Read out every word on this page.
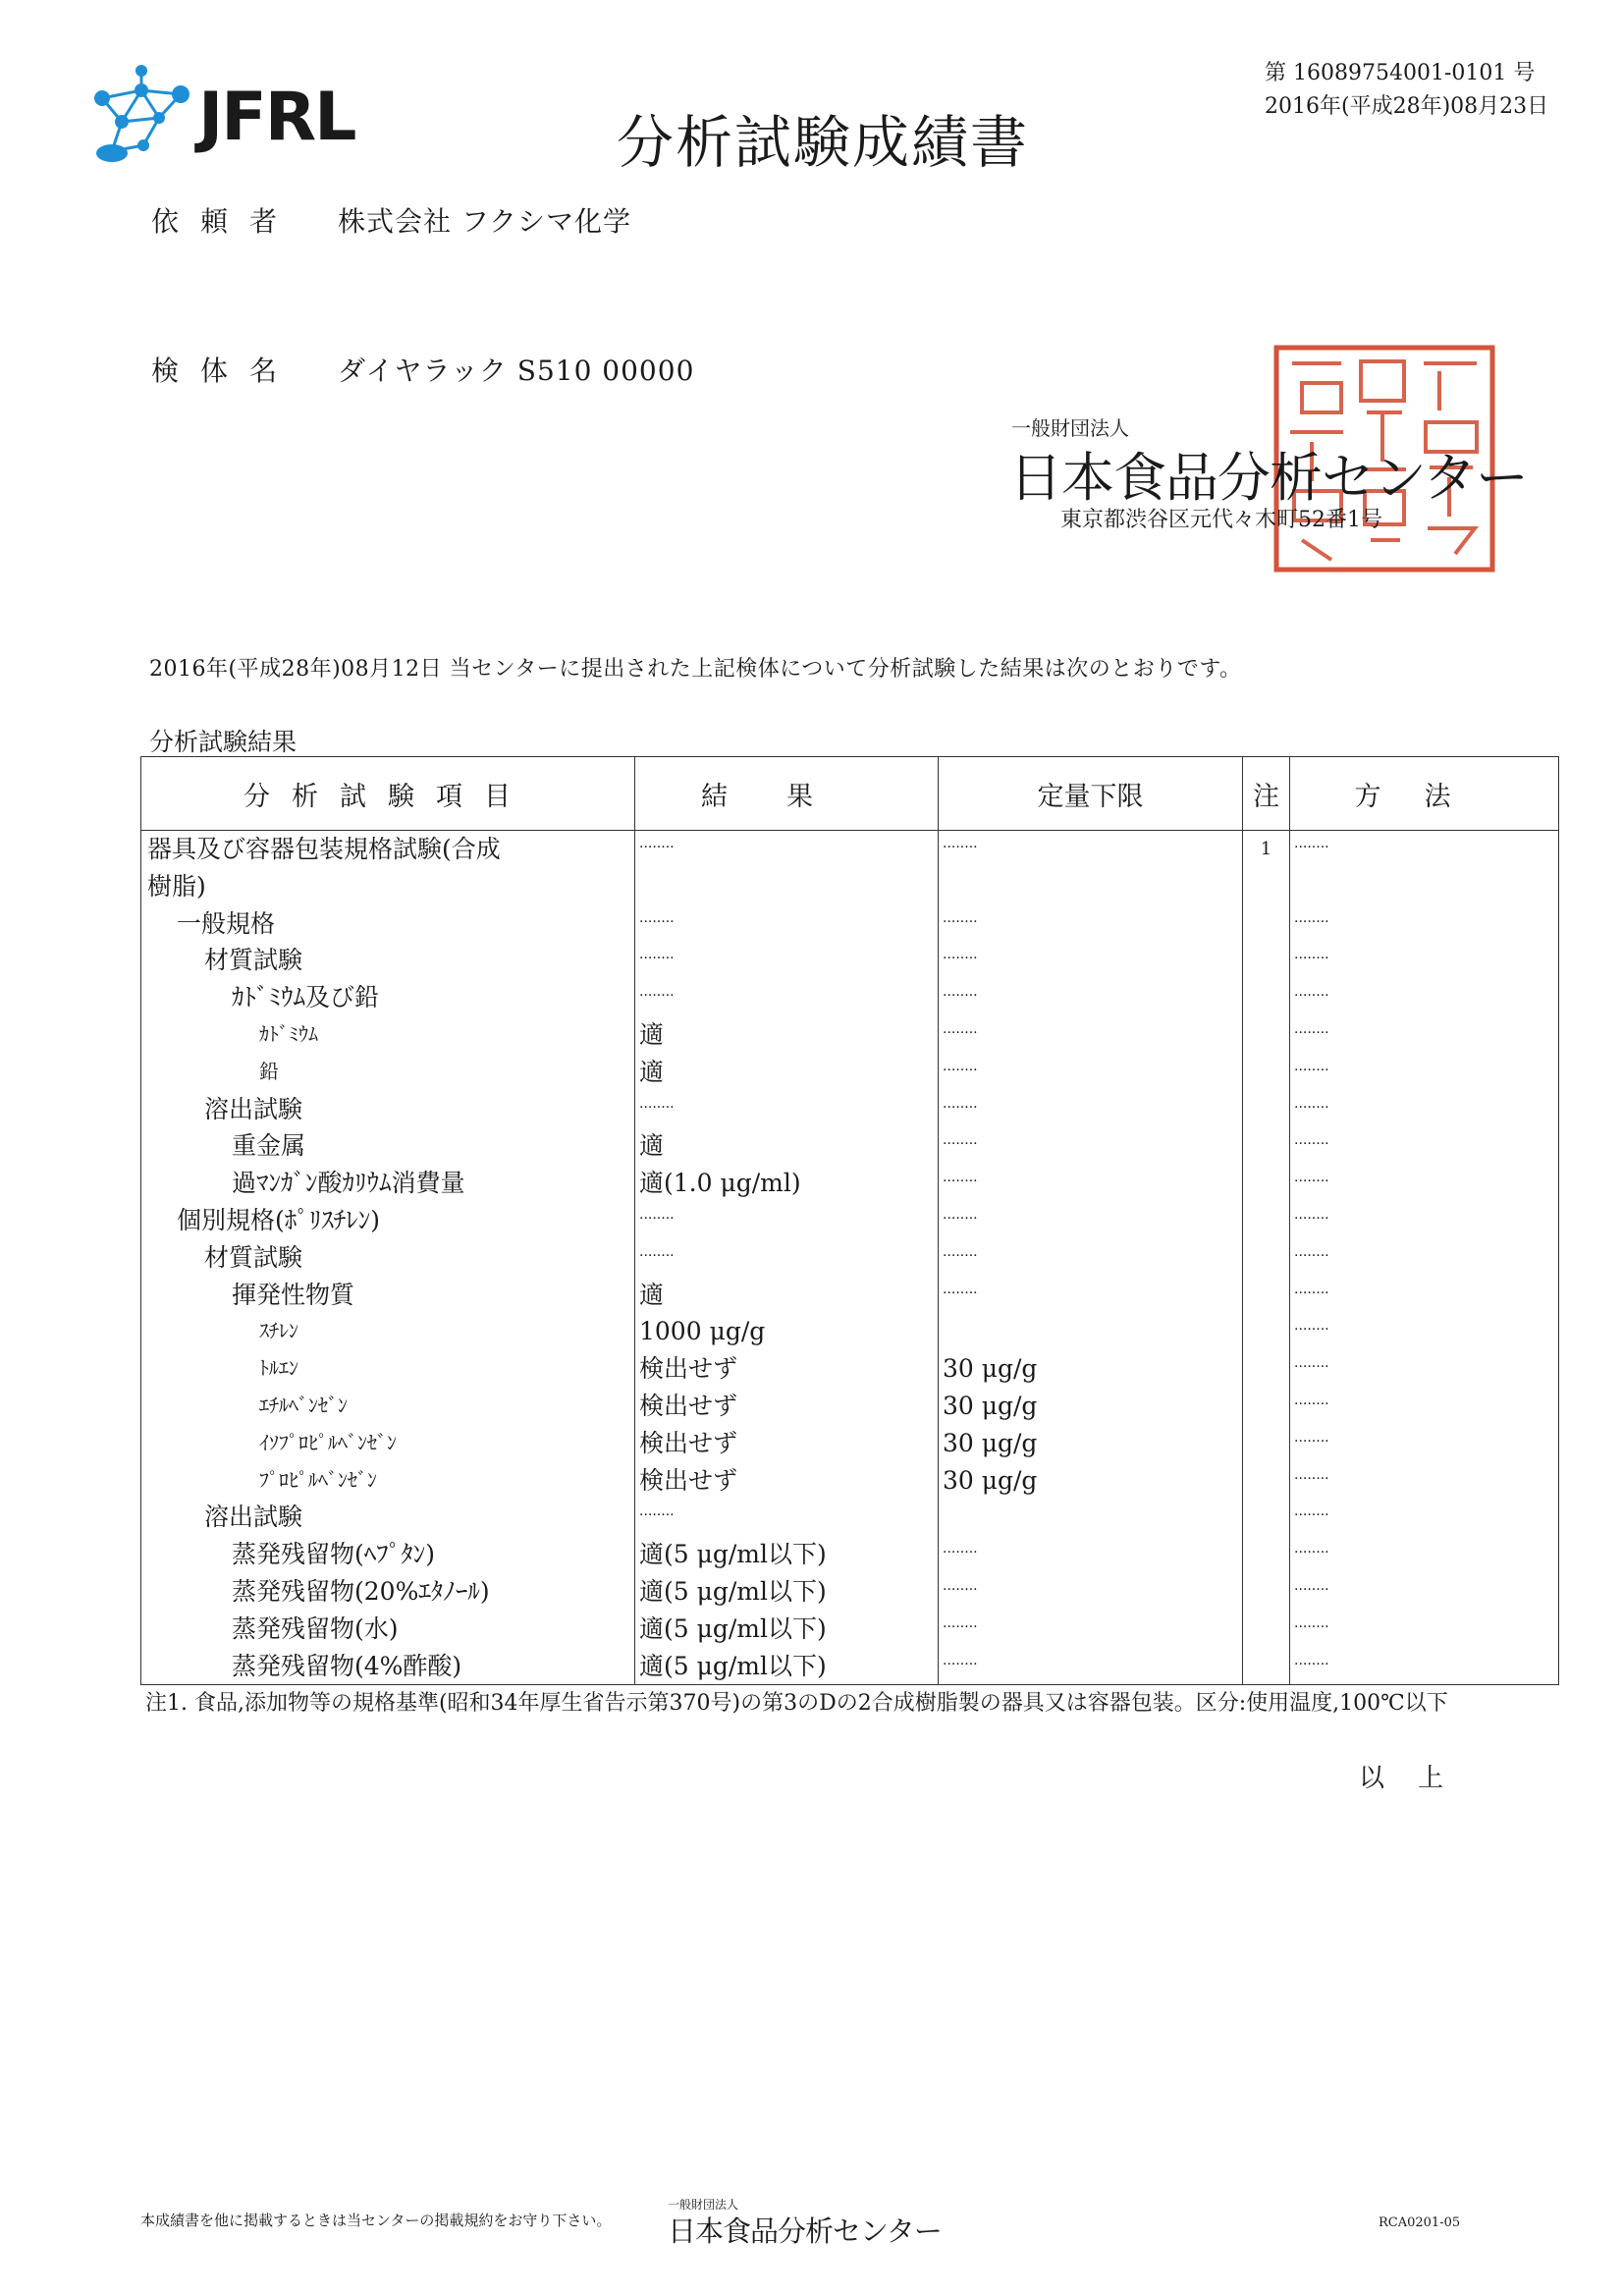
JFRL	分析試験成績書
第 16089754001-0101 号
2016年(平成28年)08月23日
依頼者 株式会社 フクシマ化学
検体名 ダイヤラック S510 00000
一般財団法人
日本食品分析センター
東京都渋谷区元代々木町52番1号
2016年(平成28年)08月12日 当センターに提出された上記検体について分析試験した結果は次のとおりです。
分析試験結果
分析試験項目	結果	定量下限	注	方法
器具及び容器包装規格試験(合成	........	........	1	........
樹脂)				
一般規格	........	........		........
材質試験	........	........		........
ｶﾄﾞﾐｳﾑ及び鉛	........	........		........
ｶﾄﾞﾐｳﾑ	適	........		........
鉛	適	........		........
溶出試験	........	........		........
重金属	適	........		........
過ﾏﾝｶﾞﾝ酸ｶﾘｳﾑ消費量	適(1.0 μg/ml)	........		........
個別規格(ﾎﾟﾘｽﾁﾚﾝ)	........	........		........
材質試験	........	........		........
揮発性物質	適	........		........
ｽﾁﾚﾝ	1000 μg/g			........
ﾄﾙｴﾝ	検出せず	30 μg/g		........
ｴﾁﾙﾍﾞﾝｾﾞﾝ	検出せず	30 μg/g		........
ｲｿﾌﾟﾛﾋﾟﾙﾍﾞﾝｾﾞﾝ	検出せず	30 μg/g		........
ﾌﾟﾛﾋﾟﾙﾍﾞﾝｾﾞﾝ	検出せず	30 μg/g		........
溶出試験	........			........
蒸発残留物(ﾍﾌﾟﾀﾝ)	適(5 μg/ml以下)	........		........
蒸発残留物(20%ｴﾀﾉｰﾙ)	適(5 μg/ml以下)	........		........
蒸発残留物(水)	適(5 μg/ml以下)	........		........
蒸発残留物(4%酢酸)	適(5 μg/ml以下)	........		........
注1. 食品,添加物等の規格基準(昭和34年厚生省告示第370号)の第3のDの2合成樹脂製の器具又は容器包装。区分:使用温度,100℃以下
以上
本成績書を他に掲載するときは当センターの掲載規約をお守り下さい。
一般財団法人
日本食品分析センター	RCA0201-05
